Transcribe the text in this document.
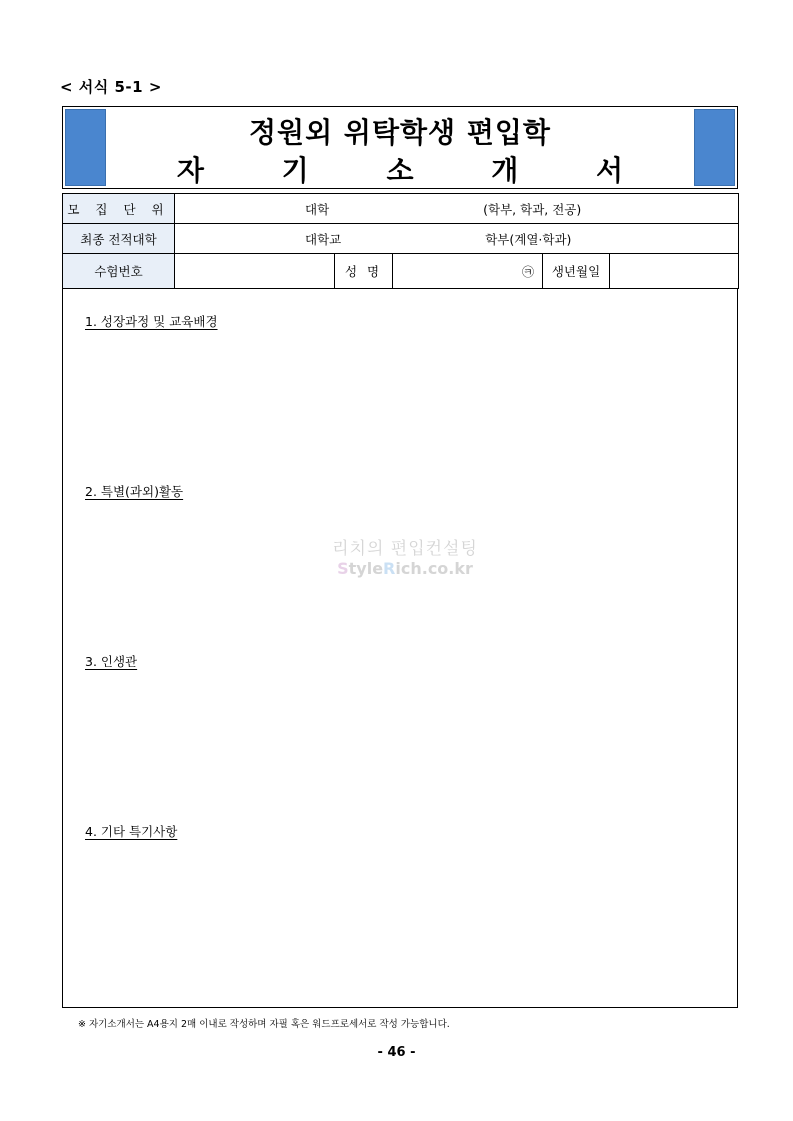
< 서식 5-1 >
정원외 위탁학생 편입학
자 기 소 개 서
모 집 단 위	대학 (학부, 학과, 전공)				
최종 전적대학	대학교 학부(계열·학과)				
수험번호		성 명	㉪	생년월일	
1. 성장과정 및 교육배경
2. 특별(과외)활동
3. 인생관
4. 기타 특기사항
리치의 편입컨설팅
StyleRich.co.kr
※ 자기소개서는 A4용지 2매 이내로 작성하며 자필 혹은 워드프로세서로 작성 가능합니다.
- 46 -
